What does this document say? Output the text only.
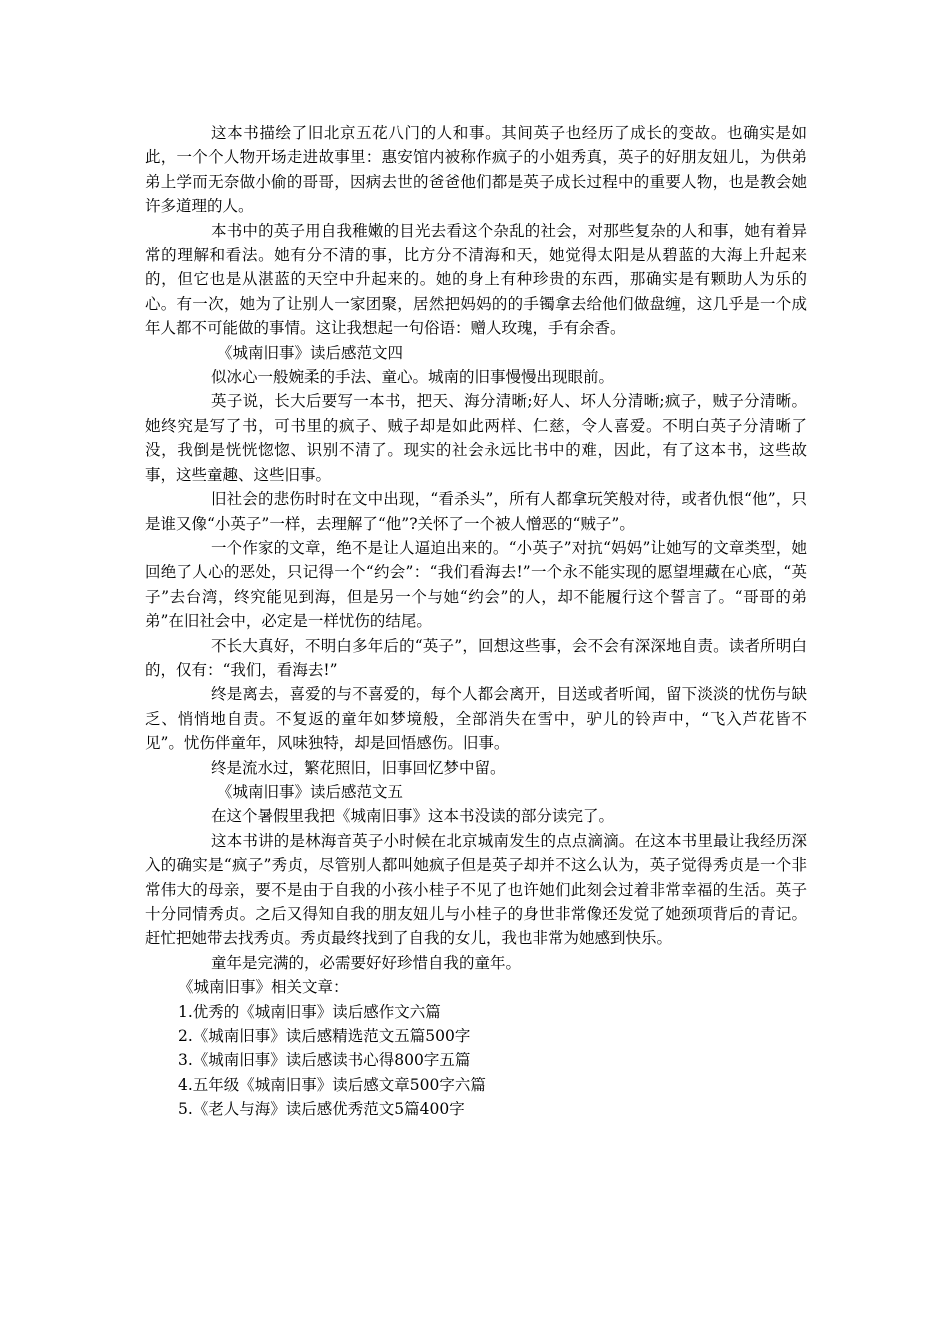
这本书描绘了旧北京五花八门的人和事。其间英子也经历了成长的变故。也确实是如此，一个个人物开场走进故事里：惠安馆内被称作疯子的小姐秀真，英子的好朋友妞儿，为供弟弟上学而无奈做小偷的哥哥，因病去世的爸爸他们都是英子成长过程中的重要人物，也是教会她许多道理的人。

本书中的英子用自我稚嫩的目光去看这个杂乱的社会，对那些复杂的人和事，她有着异常的理解和看法。她有分不清的事，比方分不清海和天，她觉得太阳是从碧蓝的大海上升起来的，但它也是从湛蓝的天空中升起来的。她的身上有种珍贵的东西，那确实是有颗助人为乐的心。有一次，她为了让别人一家团聚，居然把妈妈的的手镯拿去给他们做盘缠，这几乎是一个成年人都不可能做的事情。这让我想起一句俗语：赠人玫瑰，手有余香。

《城南旧事》读后感范文四

似冰心一般婉柔的手法、童心。城南的旧事慢慢出现眼前。

英子说，长大后要写一本书，把天、海分清晰;好人、坏人分清晰;疯子，贼子分清晰。她终究是写了书，可书里的疯子、贼子却是如此两样、仁慈，令人喜爱。不明白英子分清晰了没，我倒是恍恍惚惚、识别不清了。现实的社会永远比书中的难，因此，有了这本书，这些故事，这些童趣、这些旧事。

旧社会的悲伤时时在文中出现，“看杀头”，所有人都拿玩笑般对待，或者仇恨“他”，只是谁又像“小英子”一样，去理解了“他”?关怀了一个被人憎恶的“贼子”。

一个作家的文章，绝不是让人逼迫出来的。“小英子”对抗“妈妈”让她写的文章类型，她回绝了人心的恶处，只记得一个“约会”：“我们看海去!”一个永不能实现的愿望埋藏在心底，“英子”去台湾，终究能见到海，但是另一个与她“约会”的人，却不能履行这个誓言了。“哥哥的弟弟”在旧社会中，必定是一样忧伤的结尾。

不长大真好，不明白多年后的“英子”，回想这些事，会不会有深深地自责。读者所明白的，仅有：“我们，看海去!”

终是离去，喜爱的与不喜爱的，每个人都会离开，目送或者听闻，留下淡淡的忧伤与缺乏、悄悄地自责。不复返的童年如梦境般，全部消失在雪中，驴儿的铃声中，“飞入芦花皆不见”。忧伤伴童年，风味独特，却是回悟感伤。旧事。

终是流水过，繁花照旧，旧事回忆梦中留。

《城南旧事》读后感范文五

在这个暑假里我把《城南旧事》这本书没读的部分读完了。

这本书讲的是林海音英子小时候在北京城南发生的点点滴滴。在这本书里最让我经历深入的确实是“疯子”秀贞，尽管别人都叫她疯子但是英子却并不这么认为，英子觉得秀贞是一个非常伟大的母亲，要不是由于自我的小孩小桂子不见了也许她们此刻会过着非常幸福的生活。英子十分同情秀贞。之后又得知自我的朋友妞儿与小桂子的身世非常像还发觉了她颈项背后的青记。赶忙把她带去找秀贞。秀贞最终找到了自我的女儿，我也非常为她感到快乐。

童年是完满的，必需要好好珍惜自我的童年。

《城南旧事》相关文章：

1.优秀的《城南旧事》读后感作文六篇
2.《城南旧事》读后感精选范文五篇500字
3.《城南旧事》读后感读书心得800字五篇
4.五年级《城南旧事》读后感文章500字六篇
5.《老人与海》读后感优秀范文5篇400字
